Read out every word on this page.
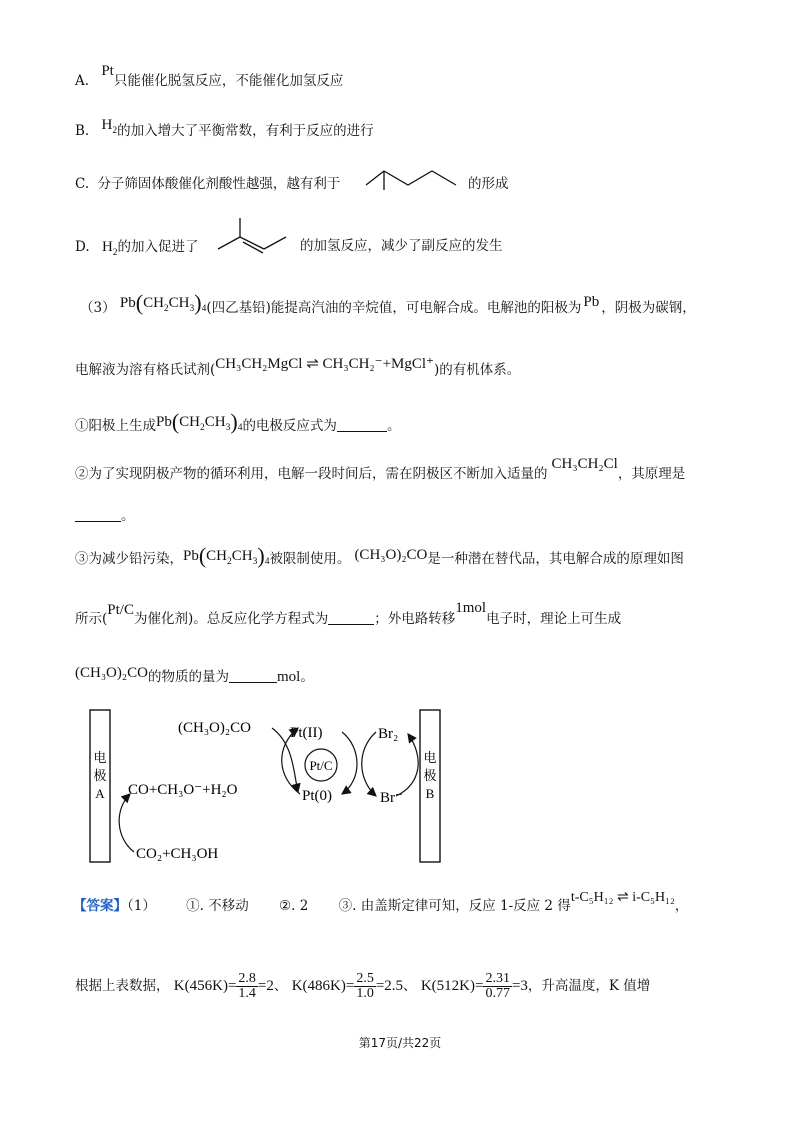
A. Pt只能催化脱氢反应，不能催化加氢反应
B. $H_2$的加入增大了平衡常数，有利于反应的进行
C. 分子筛固体酸催化剂酸性越强，越有利于	的形成
D. $H_2$的加入促进了	的加氢反应，减少了副反应的发生
（3） $Pb(CH_2CH_3)_4$(四乙基铅)能提高汽油的辛烷值，可电解合成。电解池的阳极为 Pb ，阴极为碳钢，
电解液为溶有格氏试剂(CH₃CH₂MgCl ⇌ CH₃CH₂⁻+MgCl⁺)的有机体系。
①阳极上生成$Pb(CH_2CH_3)_4$的电极反应式为	。
②为了实现阴极产物的循环利用，电解一段时间后，需在阴极区不断加入适量的CH₃CH₂Cl，其原理是
。
③为减少铅污染，$Pb(CH_2CH_3)_4$被限制使用。 (CH₃O)₂CO是一种潜在替代品，其电解合成的原理如图
所示(Pt/C为催化剂)。总反应化学方程式为	；外电路转移1mol电子时，理论上可生成
(CH₃O)₂CO的物质的量为	mol。
电
极
A
电
极
B
(CH₃O)₂CO	Pt(II)
Pt/C
Pt(0)
Br₂
Br⁻
CO+CH₃O⁻+H₂O
CO₂+CH₃OH
【答案】（1） ①. 不移动 ②. 2 ③. 由盖斯定律可知，反应 1-反应 2 得t-C₅H₁₂ ⇌ i-C₅H₁₂，
根据上表数据， $K(456K)= \frac{2.8}{1.4} =2$、 $K(486K)= \frac{2.5}{1.0} =2.5$、 $K(512K)= \frac{2.31}{0.77} =3$，升高温度，K 值增
第17页/共22页
